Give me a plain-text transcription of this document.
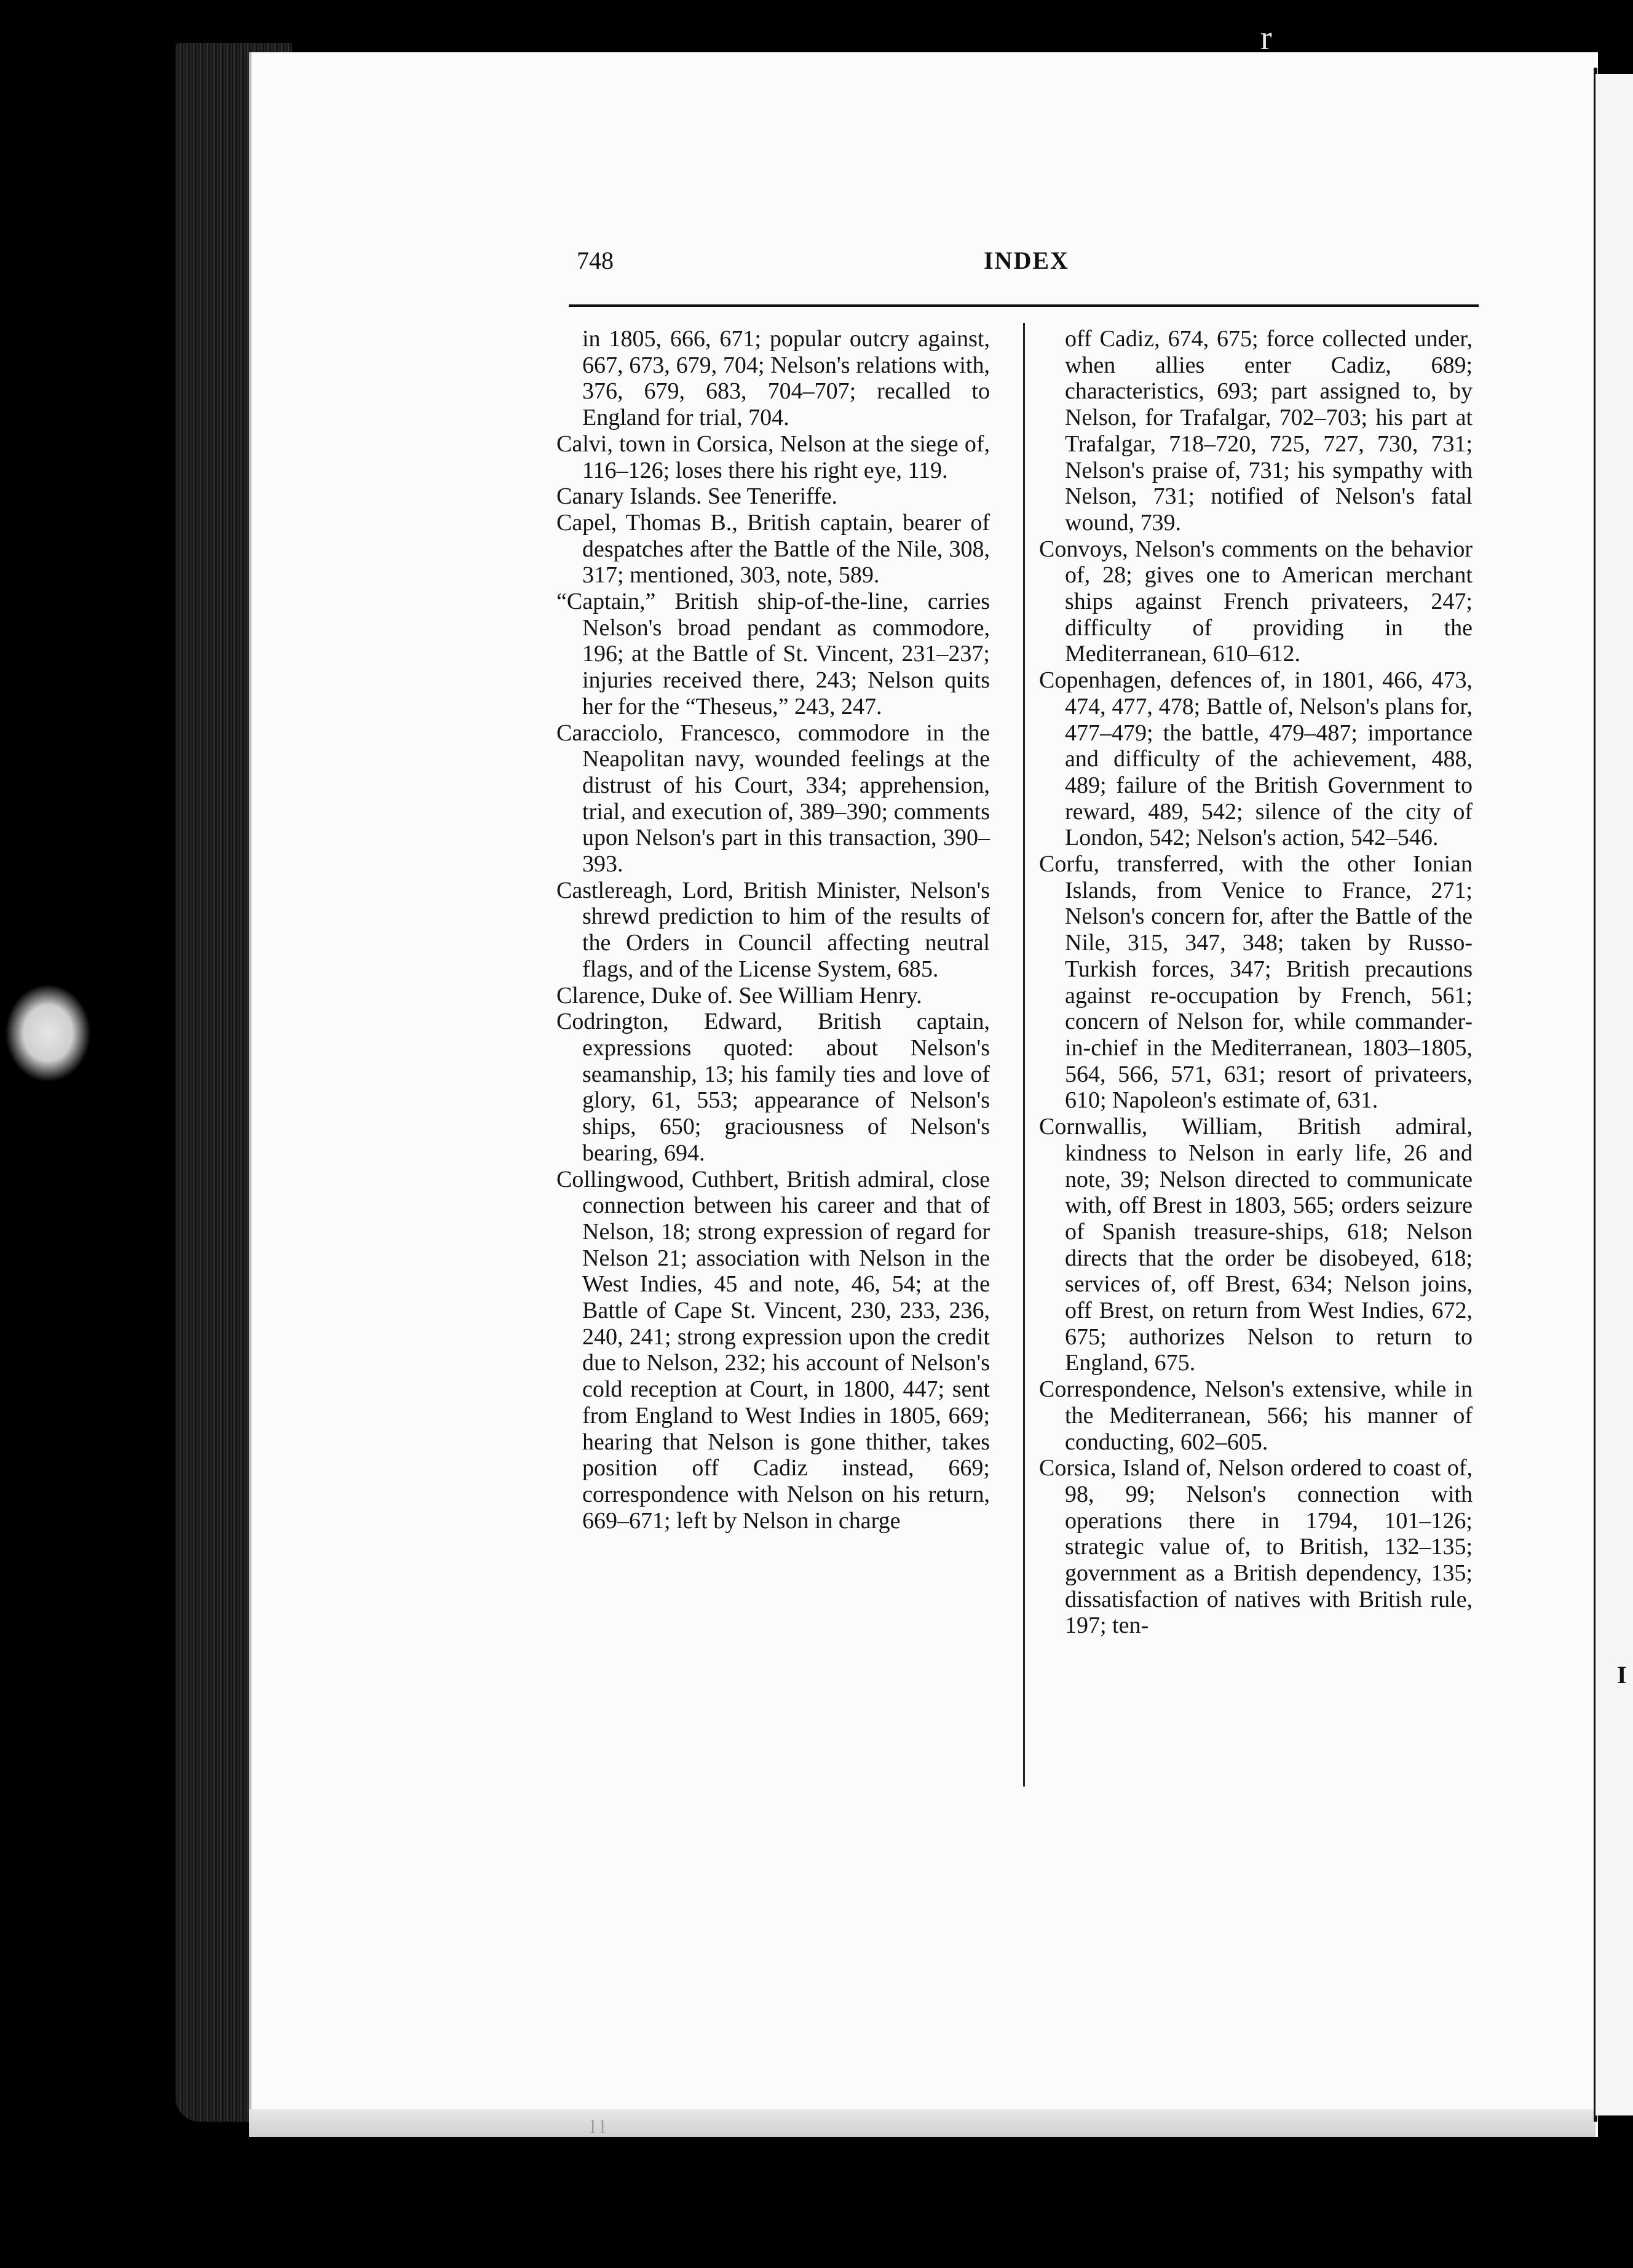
r
I
748	INDEX
in 1805, 666, 671; popular outcry against, 667, 673, 679, 704; Nelson's relations with, 376, 679, 683, 704–707; recalled to England for trial, 704.
Calvi, town in Corsica, Nelson at the siege of, 116–126; loses there his right eye, 119.
Canary Islands. See Teneriffe.
Capel, Thomas B., British captain, bearer of despatches after the Battle of the Nile, 308, 317; mentioned, 303, note, 589.
“Captain,” British ship-of-the-line, carries Nelson's broad pendant as commodore, 196; at the Battle of St. Vincent, 231–237; injuries received there, 243; Nelson quits her for the “Theseus,” 243, 247.
Caracciolo, Francesco, commodore in the Neapolitan navy, wounded feelings at the distrust of his Court, 334; apprehension, trial, and execution of, 389–390; comments upon Nelson's part in this transaction, 390–393.
Castlereagh, Lord, British Minister, Nelson's shrewd prediction to him of the results of the Orders in Council affecting neutral flags, and of the License System, 685.
Clarence, Duke of. See William Henry.
Codrington, Edward, British captain, expressions quoted: about Nelson's seamanship, 13; his family ties and love of glory, 61, 553; appearance of Nelson's ships, 650; graciousness of Nelson's bearing, 694.
Collingwood, Cuthbert, British admiral, close connection between his career and that of Nelson, 18; strong expression of regard for Nelson 21; association with Nelson in the West Indies, 45 and note, 46, 54; at the Battle of Cape St. Vincent, 230, 233, 236, 240, 241; strong expression upon the credit due to Nelson, 232; his account of Nelson's cold reception at Court, in 1800, 447; sent from England to West Indies in 1805, 669; hearing that Nelson is gone thither, takes position off Cadiz instead, 669; correspondence with Nelson on his return, 669–671; left by Nelson in charge
off Cadiz, 674, 675; force collected under, when allies enter Cadiz, 689; characteristics, 693; part assigned to, by Nelson, for Trafalgar, 702–703; his part at Trafalgar, 718–720, 725, 727, 730, 731; Nelson's praise of, 731; his sympathy with Nelson, 731; notified of Nelson's fatal wound, 739.
Convoys, Nelson's comments on the behavior of, 28; gives one to American merchant ships against French privateers, 247; difficulty of providing in the Mediterranean, 610–612.
Copenhagen, defences of, in 1801, 466, 473, 474, 477, 478; Battle of, Nelson's plans for, 477–479; the battle, 479–487; importance and difficulty of the achievement, 488, 489; failure of the British Government to reward, 489, 542; silence of the city of London, 542; Nelson's action, 542–546.
Corfu, transferred, with the other Ionian Islands, from Venice to France, 271; Nelson's concern for, after the Battle of the Nile, 315, 347, 348; taken by Russo-Turkish forces, 347; British precautions against re-occupation by French, 561; concern of Nelson for, while commander-in-chief in the Mediterranean, 1803–1805, 564, 566, 571, 631; resort of privateers, 610; Napoleon's estimate of, 631.
Cornwallis, William, British admiral, kindness to Nelson in early life, 26 and note, 39; Nelson directed to communicate with, off Brest in 1803, 565; orders seizure of Spanish treasure-ships, 618; Nelson directs that the order be disobeyed, 618; services of, off Brest, 634; Nelson joins, off Brest, on return from West Indies, 672, 675; authorizes Nelson to return to England, 675.
Correspondence, Nelson's extensive, while in the Mediterranean, 566; his manner of conducting, 602–605.
Corsica, Island of, Nelson ordered to coast of, 98, 99; Nelson's connection with operations there in 1794, 101–126; strategic value of, to British, 132–135; government as a British dependency, 135; dissatisfaction of natives with British rule, 197; ten-
l l
